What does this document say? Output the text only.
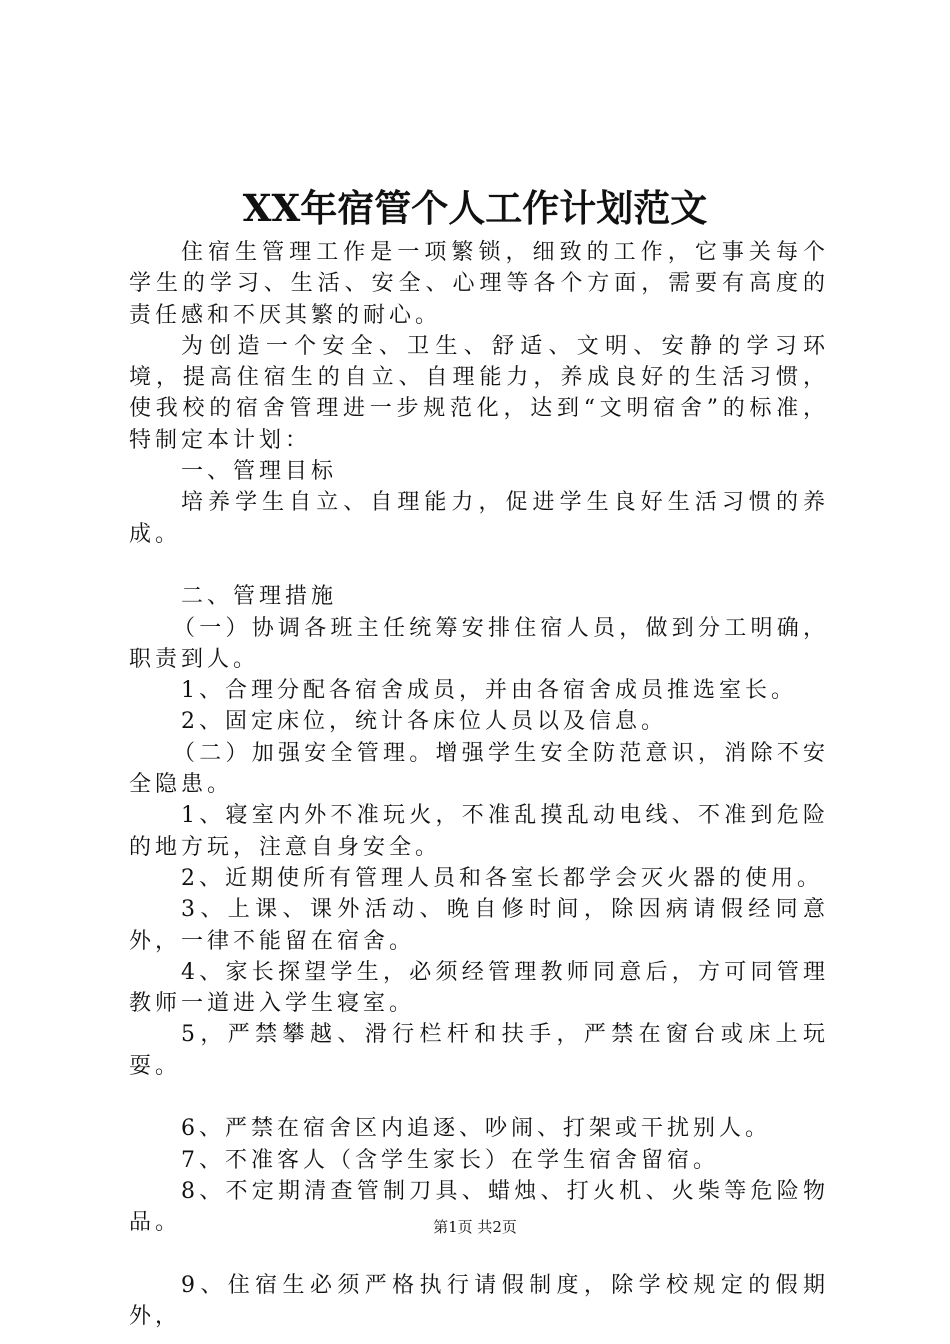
XX年宿管个人工作计划范文

住宿生管理工作是一项繁锁，细致的工作，它事关每个学生的学习、生活、安全、心理等各个方面，需要有高度的责任感和不厌其繁的耐心。

为创造一个安全、卫生、舒适、文明、安静的学习环境，提高住宿生的自立、自理能力，养成良好的生活习惯，使我校的宿舍管理进一步规范化，达到“文明宿舍”的标准，特制定本计划：

一、管理目标

培养学生自立、自理能力，促进学生良好生活习惯的养成。

二、管理措施

（一）协调各班主任统筹安排住宿人员，做到分工明确，职责到人。

1、合理分配各宿舍成员，并由各宿舍成员推选室长。

2、固定床位，统计各床位人员以及信息。

（二）加强安全管理。增强学生安全防范意识，消除不安全隐患。

1、寝室内外不准玩火，不准乱摸乱动电线、不准到危险的地方玩，注意自身安全。

2、近期使所有管理人员和各室长都学会灭火器的使用。

3、上课、课外活动、晚自修时间，除因病请假经同意外，一律不能留在宿舍。

4、家长探望学生，必须经管理教师同意后，方可同管理教师一道进入学生寝室。

5，严禁攀越、滑行栏杆和扶手，严禁在窗台或床上玩耍。

6、严禁在宿舍区内追逐、吵闹、打架或干扰别人。

7、不准客人（含学生家长）在学生宿舍留宿。

8、不定期清查管制刀具、蜡烛、打火机、火柴等危险物品。

9、住宿生必须严格执行请假制度，除学校规定的假期外，

第1页 共2页
